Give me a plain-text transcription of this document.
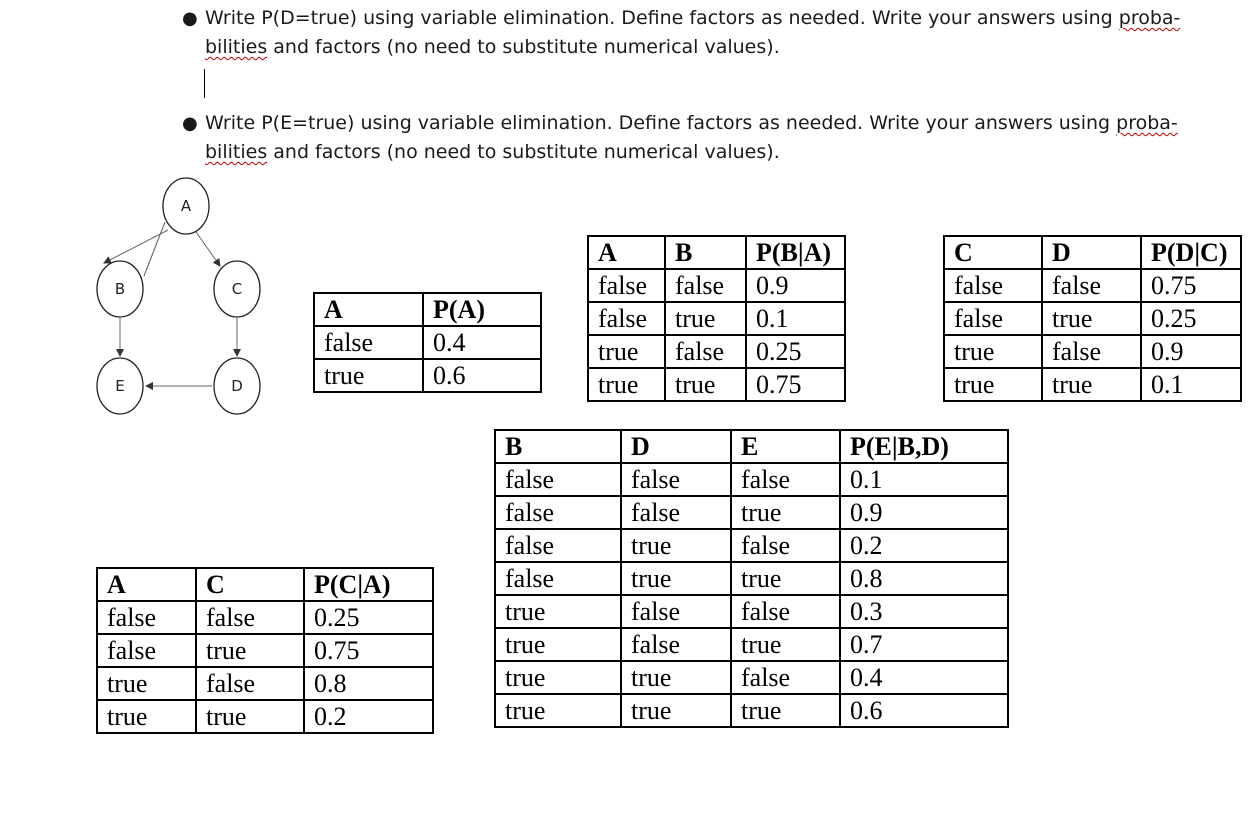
● Write P(D=true) using variable elimination. Define factors as needed. Write your answers using proba-
bilities and factors (no need to substitute numerical values).
● Write P(E=true) using variable elimination. Define factors as needed. Write your answers using proba-
bilities and factors (no need to substitute numerical values).
A
B	C
E	D
A	P(A)
false	0.4
true	0.6
A	B	P(B|A)
false	false	0.9
false	true	0.1
true	false	0.25
true	true	0.75
C	D	P(D|C)
false	false	0.75
false	true	0.25
true	false	0.9
true	true	0.1
B	D	E	P(E|B,D)
false	false	false	0.1
false	false	true	0.9
false	true	false	0.2
false	true	true	0.8
true	false	false	0.3
true	false	true	0.7
true	true	false	0.4
true	true	true	0.6
A	C	P(C|A)
false	false	0.25
false	true	0.75
true	false	0.8
true	true	0.2
